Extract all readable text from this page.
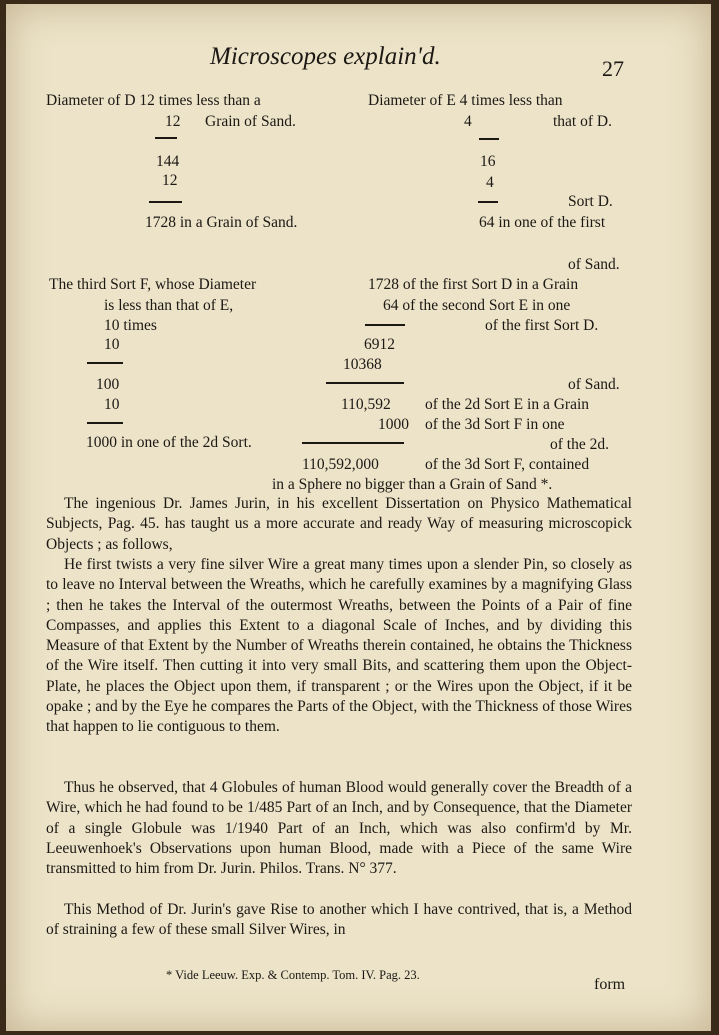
Microscopes explain'd.	27
Diameter of D 12 times less than a
12 Grain of Sand.
144
12
1728 in a Grain of Sand.
The third Sort F, whose Diameter
is less than that of E,
10 times
10
100
10
1000 in one of the 2d Sort.
Diameter of E 4 times less than
4	that of D.
16
4
Sort D.
64 in one of the first
of Sand.
1728 of the first Sort D in a Grain
64 of the second Sort E in one
of the first Sort D.
6912
10368
of Sand.
110,592 of the 2d Sort E in a Grain
1000 of the 3d Sort F in one
of the 2d.
110,592,000	of the 3d Sort F, contained
in a Sphere no bigger than a Grain of Sand *.
The ingenious Dr. James Jurin, in his excellent Dissertation on Physico Mathematical Subjects, Pag. 45. has taught us a more accurate and ready Way of measuring microscopick Objects ; as follows,
He first twists a very fine silver Wire a great many times upon a slender Pin, so closely as to leave no Interval between the Wreaths, which he carefully examines by a magnifying Glass ; then he takes the Interval of the outermost Wreaths, between the Points of a Pair of fine Compasses, and applies this Extent to a diagonal Scale of Inches, and by dividing this Measure of that Extent by the Number of Wreaths therein contained, he obtains the Thickness of the Wire itself. Then cutting it into very small Bits, and scattering them upon the Object-Plate, he places the Object upon them, if transparent ; or the Wires upon the Object, if it be opake ; and by the Eye he compares the Parts of the Object, with the Thickness of those Wires that happen to lie contiguous to them.
Thus he observed, that 4 Globules of human Blood would generally cover the Breadth of a Wire, which he had found to be 1/485 Part of an Inch, and by Consequence, that the Diameter of a single Globule was 1/1940 Part of an Inch, which was also confirm'd by Mr. Leeuwenhoek's Observations upon human Blood, made with a Piece of the same Wire transmitted to him from Dr. Jurin. Philos. Trans. N° 377.
This Method of Dr. Jurin's gave Rise to another which I have contrived, that is, a Method of straining a few of these small Silver Wires, in
* Vide Leeuw. Exp. & Contemp. Tom. IV. Pag. 23.
form
